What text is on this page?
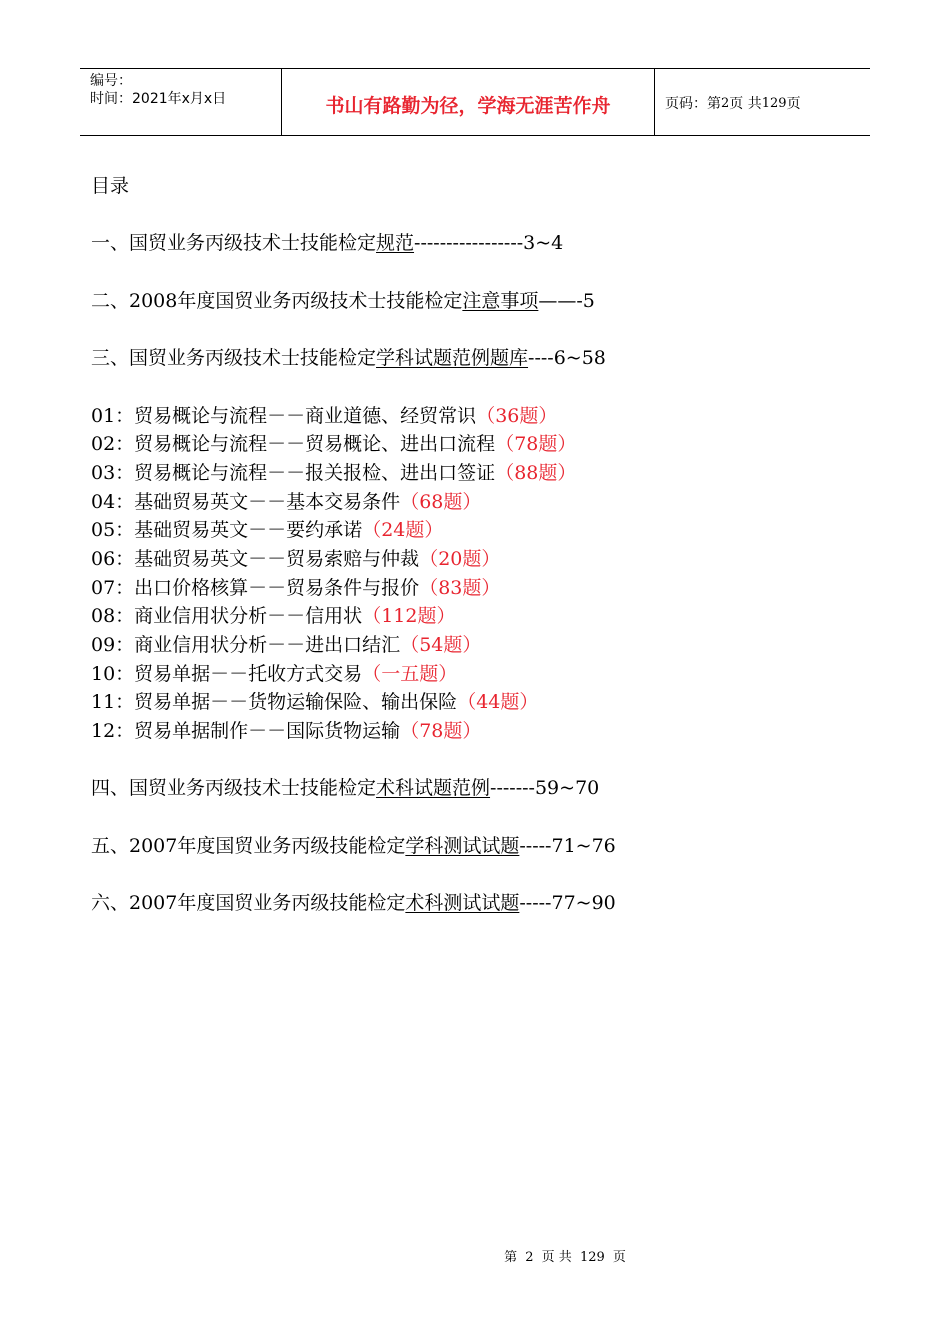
编号：
时间：2021年x月x日	书山有路勤为径，学海无涯苦作舟	页码：第 2 页 共 129 页
目录
一、国贸业务丙级技术士技能检定规范-----------------3~4
二、2008年度国贸业务丙级技术士技能检定注意事项——-5
三、国贸业务丙级技术士技能检定学科试题范例题库----6~58
01：贸易概论与流程－－商业道德、经贸常识（36题）
02：贸易概论与流程－－贸易概论、进出口流程（78题）
03：贸易概论与流程－－报关报检、进出口签证（88题）
04：基础贸易英文－－基本交易条件（68题）
05：基础贸易英文－－要约承诺（24题）
06：基础贸易英文－－贸易索赔与仲裁（20题）
07：出口价格核算－－贸易条件与报价（83题）
08：商业信用状分析－－信用状（112题）
09：商业信用状分析－－进出口结汇（54题）
10：贸易单据－－托收方式交易（一五题）
11：贸易单据－－货物运输保险、输出保险（44题）
12：贸易单据制作－－国际货物运输（78题）
四、国贸业务丙级技术士技能检定术科试题范例-------59~70
五、2007年度国贸业务丙级技能检定学科测试试题-----71~76
六、2007年度国贸业务丙级技能检定术科测试试题-----77~90
第 2 页 共 129 页
